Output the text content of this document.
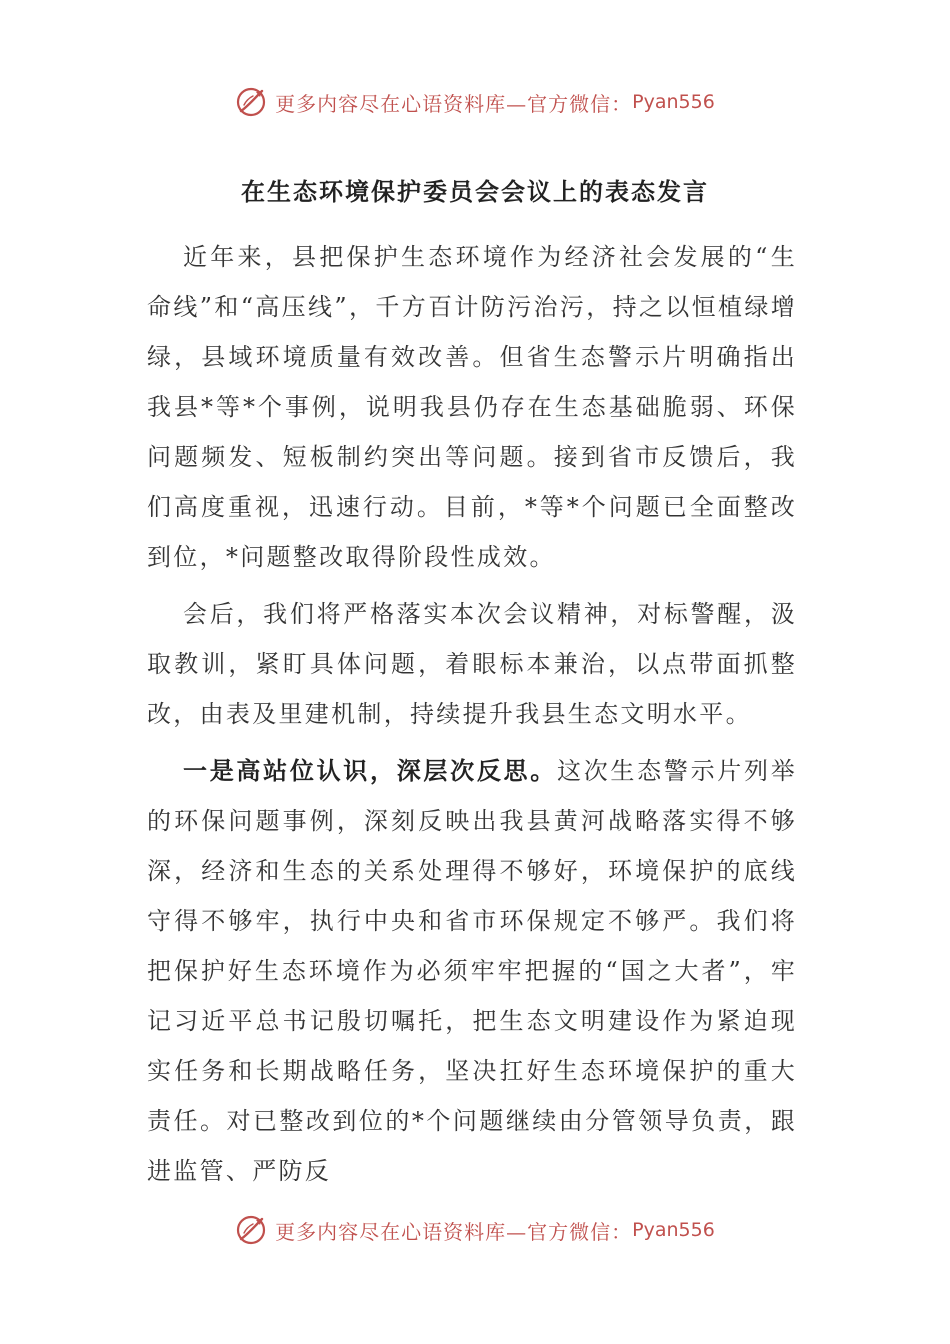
更多内容尽在心语资料库—官方微信： Pyan556
在生态环境保护委员会会议上的表态发言

近年来，县把保护生态环境作为经济社会发展的“生命线”和“高压线”，千方百计防污治污，持之以恒植绿增绿，县域环境质量有效改善。但省生态警示片明确指出我县*等*个事例，说明我县仍存在生态基础脆弱、环保问题频发、短板制约突出等问题。接到省市反馈后，我们高度重视，迅速行动。目前，*等*个问题已全面整改到位，*问题整改取得阶段性成效。

会后，我们将严格落实本次会议精神，对标警醒，汲取教训，紧盯具体问题，着眼标本兼治，以点带面抓整改，由表及里建机制，持续提升我县生态文明水平。

一是高站位认识，深层次反思。这次生态警示片列举的环保问题事例，深刻反映出我县黄河战略落实得不够深，经济和生态的关系处理得不够好，环境保护的底线守得不够牢，执行中央和省市环保规定不够严。我们将把保护好生态环境作为必须牢牢把握的“国之大者”，牢记习近平总书记殷切嘱托，把生态文明建设作为紧迫现实任务和长期战略任务，坚决扛好生态环境保护的重大责任。对已整改到位的*个问题继续由分管领导负责，跟进监管、严防反

更多内容尽在心语资料库—官方微信： Pyan556
